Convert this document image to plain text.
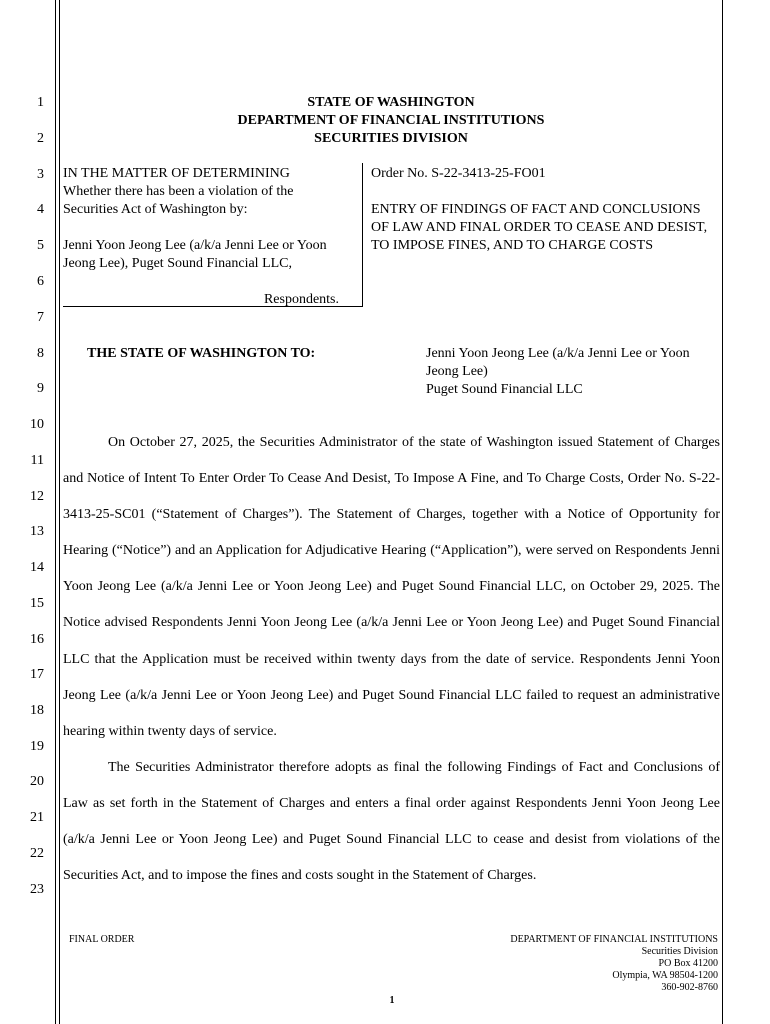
1
2
3
4
5
6
7
8
9
10
11
12
13
14
15
16
17
18
19
20
21
22
23
STATE OF WASHINGTON
DEPARTMENT OF FINANCIAL INSTITUTIONS
SECURITIES DIVISION
IN THE MATTER OF DETERMINING
Whether there has been a violation of the
Securities Act of Washington by:
Jenni Yoon Jeong Lee (a/k/a Jenni Lee or Yoon Jeong Lee), Puget Sound Financial LLC,
Respondents.
Order No. S-22-3413-25-FO01
ENTRY OF FINDINGS OF FACT AND CONCLUSIONS OF LAW AND FINAL ORDER TO CEASE AND DESIST, TO IMPOSE FINES, AND TO CHARGE COSTS
THE STATE OF WASHINGTON TO:	Jenni Yoon Jeong Lee (a/k/a Jenni Lee or Yoon Jeong Lee)
Puget Sound Financial LLC

On October 27, 2025, the Securities Administrator of the state of Washington issued Statement of Charges and Notice of Intent To Enter Order To Cease And Desist, To Impose A Fine, and To Charge Costs, Order No. S-22-3413-25-SC01 (“Statement of Charges”). The Statement of Charges, together with a Notice of Opportunity for Hearing (“Notice”) and an Application for Adjudicative Hearing (“Application”), were served on Respondents Jenni Yoon Jeong Lee (a/k/a Jenni Lee or Yoon Jeong Lee) and Puget Sound Financial LLC, on October 29, 2025. The Notice advised Respondents Jenni Yoon Jeong Lee (a/k/a Jenni Lee or Yoon Jeong Lee) and Puget Sound Financial LLC that the Application must be received within twenty days from the date of service. Respondents Jenni Yoon Jeong Lee (a/k/a Jenni Lee or Yoon Jeong Lee) and Puget Sound Financial LLC failed to request an administrative hearing within twenty days of service.

The Securities Administrator therefore adopts as final the following Findings of Fact and Conclusions of Law as set forth in the Statement of Charges and enters a final order against Respondents Jenni Yoon Jeong Lee (a/k/a Jenni Lee or Yoon Jeong Lee) and Puget Sound Financial LLC to cease and desist from violations of the Securities Act, and to impose the fines and costs sought in the Statement of Charges.

FINAL ORDER	DEPARTMENT OF FINANCIAL INSTITUTIONS
Securities Division
PO Box 41200
Olympia, WA 98504-1200
360-902-8760
1
